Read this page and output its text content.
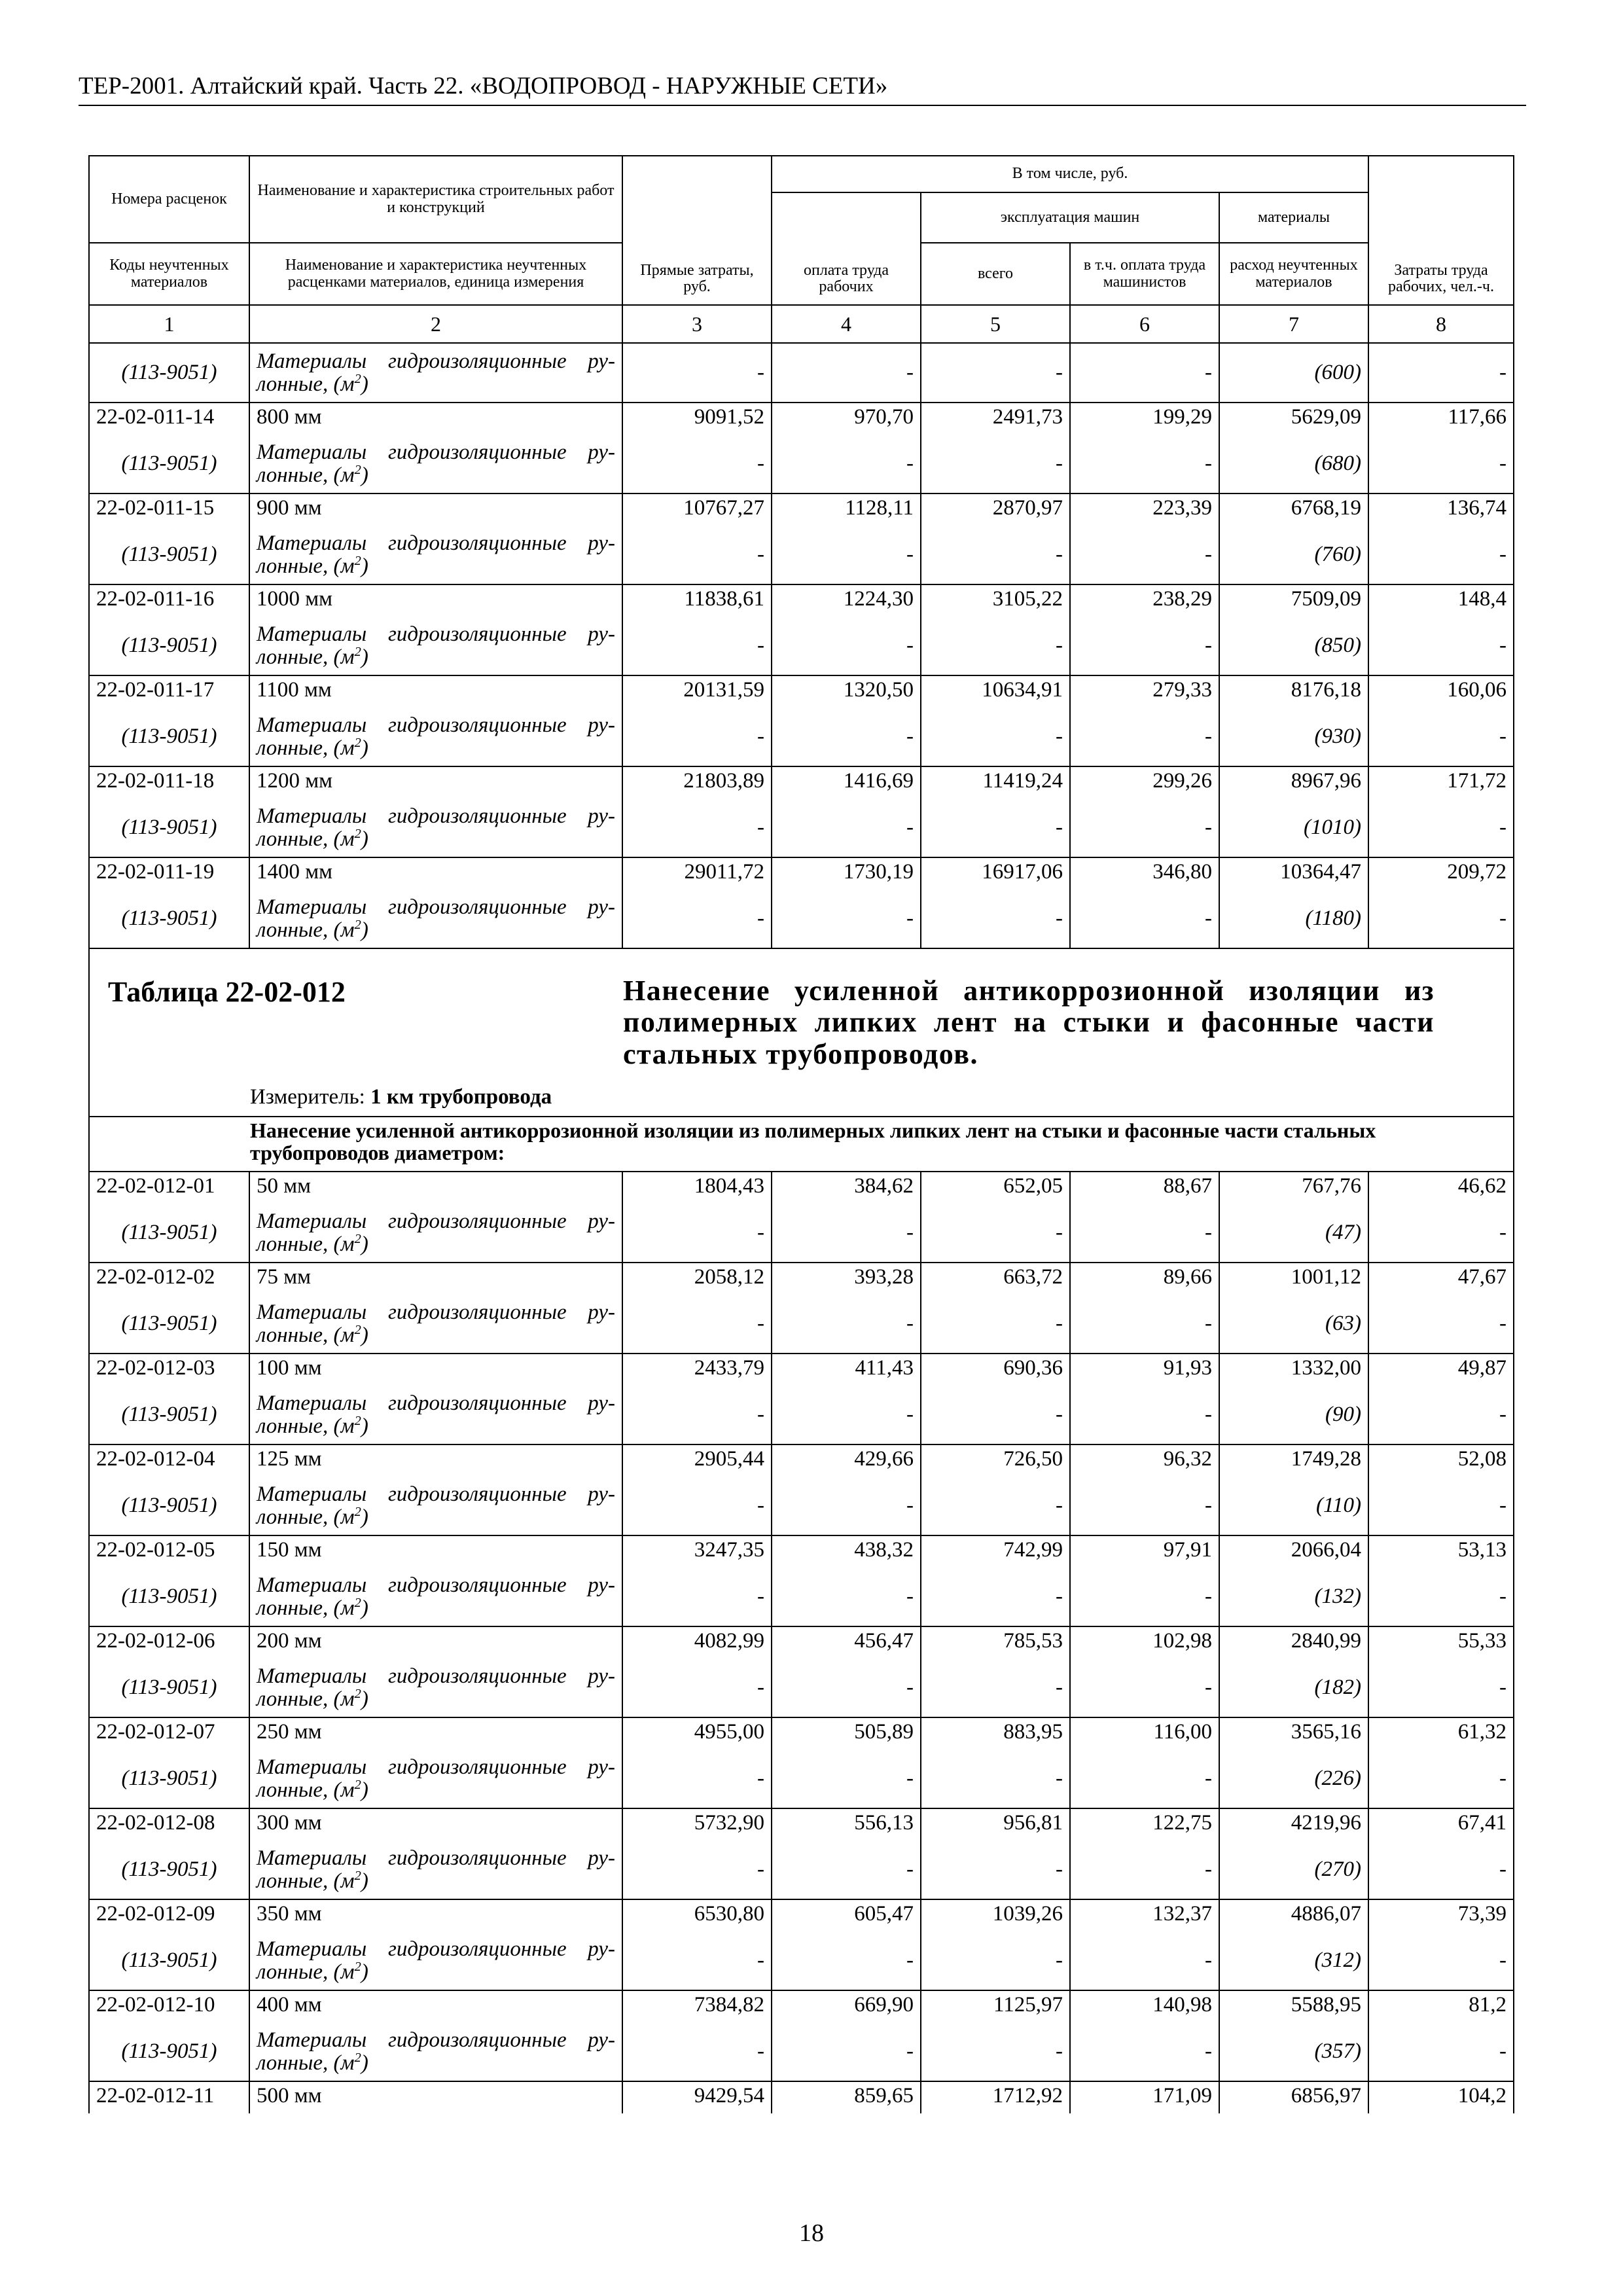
ТЕР-2001. Алтайский край. Часть 22. «ВОДОПРОВОД - НАРУЖНЫЕ СЕТИ»
Номера расценок	Наименование и характеристика строительных работ и конструкций	Прямые затраты, руб.	В том числе, руб.				Затраты труда рабочих, чел.-ч.
			оплата труда рабочих	эксплуатация машин		материалы	
Коды неучтенных материалов	Наименование и характеристика неучтенных расценками материалов, единица измерения			всего	в т.ч. оплата труда машинистов	расход неучтенных материалов	
1	2	3	4	5	6	7	8
(113-9051)	Материалы гидроизоляционные ру-лонные, $(м^2)$	-	-	-	-	(600)	-
22-02-011-14	800 мм	9091,52	970,70	2491,73	199,29	5629,09	117,66
(113-9051)	Материалы гидроизоляционные ру-лонные, $(м^2)$	-	-	-	-	(680)	-
22-02-011-15	900 мм	10767,27	1128,11	2870,97	223,39	6768,19	136,74
(113-9051)	Материалы гидроизоляционные ру-лонные, $(м^2)$	-	-	-	-	(760)	-
22-02-011-16	1000 мм	11838,61	1224,30	3105,22	238,29	7509,09	148,4
(113-9051)	Материалы гидроизоляционные ру-лонные, $(м^2)$	-	-	-	-	(850)	-
22-02-011-17	1100 мм	20131,59	1320,50	10634,91	279,33	8176,18	160,06
(113-9051)	Материалы гидроизоляционные ру-лонные, $(м^2)$	-	-	-	-	(930)	-
22-02-011-18	1200 мм	21803,89	1416,69	11419,24	299,26	8967,96	171,72
(113-9051)	Материалы гидроизоляционные ру-лонные, $(м^2)$	-	-	-	-	(1010)	-
22-02-011-19	1400 мм	29011,72	1730,19	16917,06	346,80	10364,47	209,72
(113-9051)	Материалы гидроизоляционные ру-лонные, $(м^2)$	-	-	-	-	(1180)	-

Таблица 22-02-012 Нанесение усиленной антикоррозионной изоляции из полимерных липких лент на стыки и фасонные части стальных трубопроводов.
Измеритель: 1 км трубопровода							

Нанесение усиленной антикоррозионной изоляции из полимерных липких лент на стыки и фасонные части стальных трубопроводов диаметром:							

22-02-012-01	50 мм	1804,43	384,62	652,05	88,67	767,76	46,62
(113-9051)	Материалы гидроизоляционные ру-лонные, $(м^2)$	-	-	-	-	(47)	-
22-02-012-02	75 мм	2058,12	393,28	663,72	89,66	1001,12	47,67
(113-9051)	Материалы гидроизоляционные ру-лонные, $(м^2)$	-	-	-	-	(63)	-
22-02-012-03	100 мм	2433,79	411,43	690,36	91,93	1332,00	49,87
(113-9051)	Материалы гидроизоляционные ру-лонные, $(м^2)$	-	-	-	-	(90)	-
22-02-012-04	125 мм	2905,44	429,66	726,50	96,32	1749,28	52,08
(113-9051)	Материалы гидроизоляционные ру-лонные, $(м^2)$	-	-	-	-	(110)	-
22-02-012-05	150 мм	3247,35	438,32	742,99	97,91	2066,04	53,13
(113-9051)	Материалы гидроизоляционные ру-лонные, $(м^2)$	-	-	-	-	(132)	-
22-02-012-06	200 мм	4082,99	456,47	785,53	102,98	2840,99	55,33
(113-9051)	Материалы гидроизоляционные ру-лонные, $(м^2)$	-	-	-	-	(182)	-
22-02-012-07	250 мм	4955,00	505,89	883,95	116,00	3565,16	61,32
(113-9051)	Материалы гидроизоляционные ру-лонные, $(м^2)$	-	-	-	-	(226)	-
22-02-012-08	300 мм	5732,90	556,13	956,81	122,75	4219,96	67,41
(113-9051)	Материалы гидроизоляционные ру-лонные, $(м^2)$	-	-	-	-	(270)	-
22-02-012-09	350 мм	6530,80	605,47	1039,26	132,37	4886,07	73,39
(113-9051)	Материалы гидроизоляционные ру-лонные, $(м^2)$	-	-	-	-	(312)	-
22-02-012-10	400 мм	7384,82	669,90	1125,97	140,98	5588,95	81,2
(113-9051)	Материалы гидроизоляционные ру-лонные, $(м^2)$	-	-	-	-	(357)	-
22-02-012-11	500 мм	9429,54	859,65	1712,92	171,09	6856,97	104,2
18
